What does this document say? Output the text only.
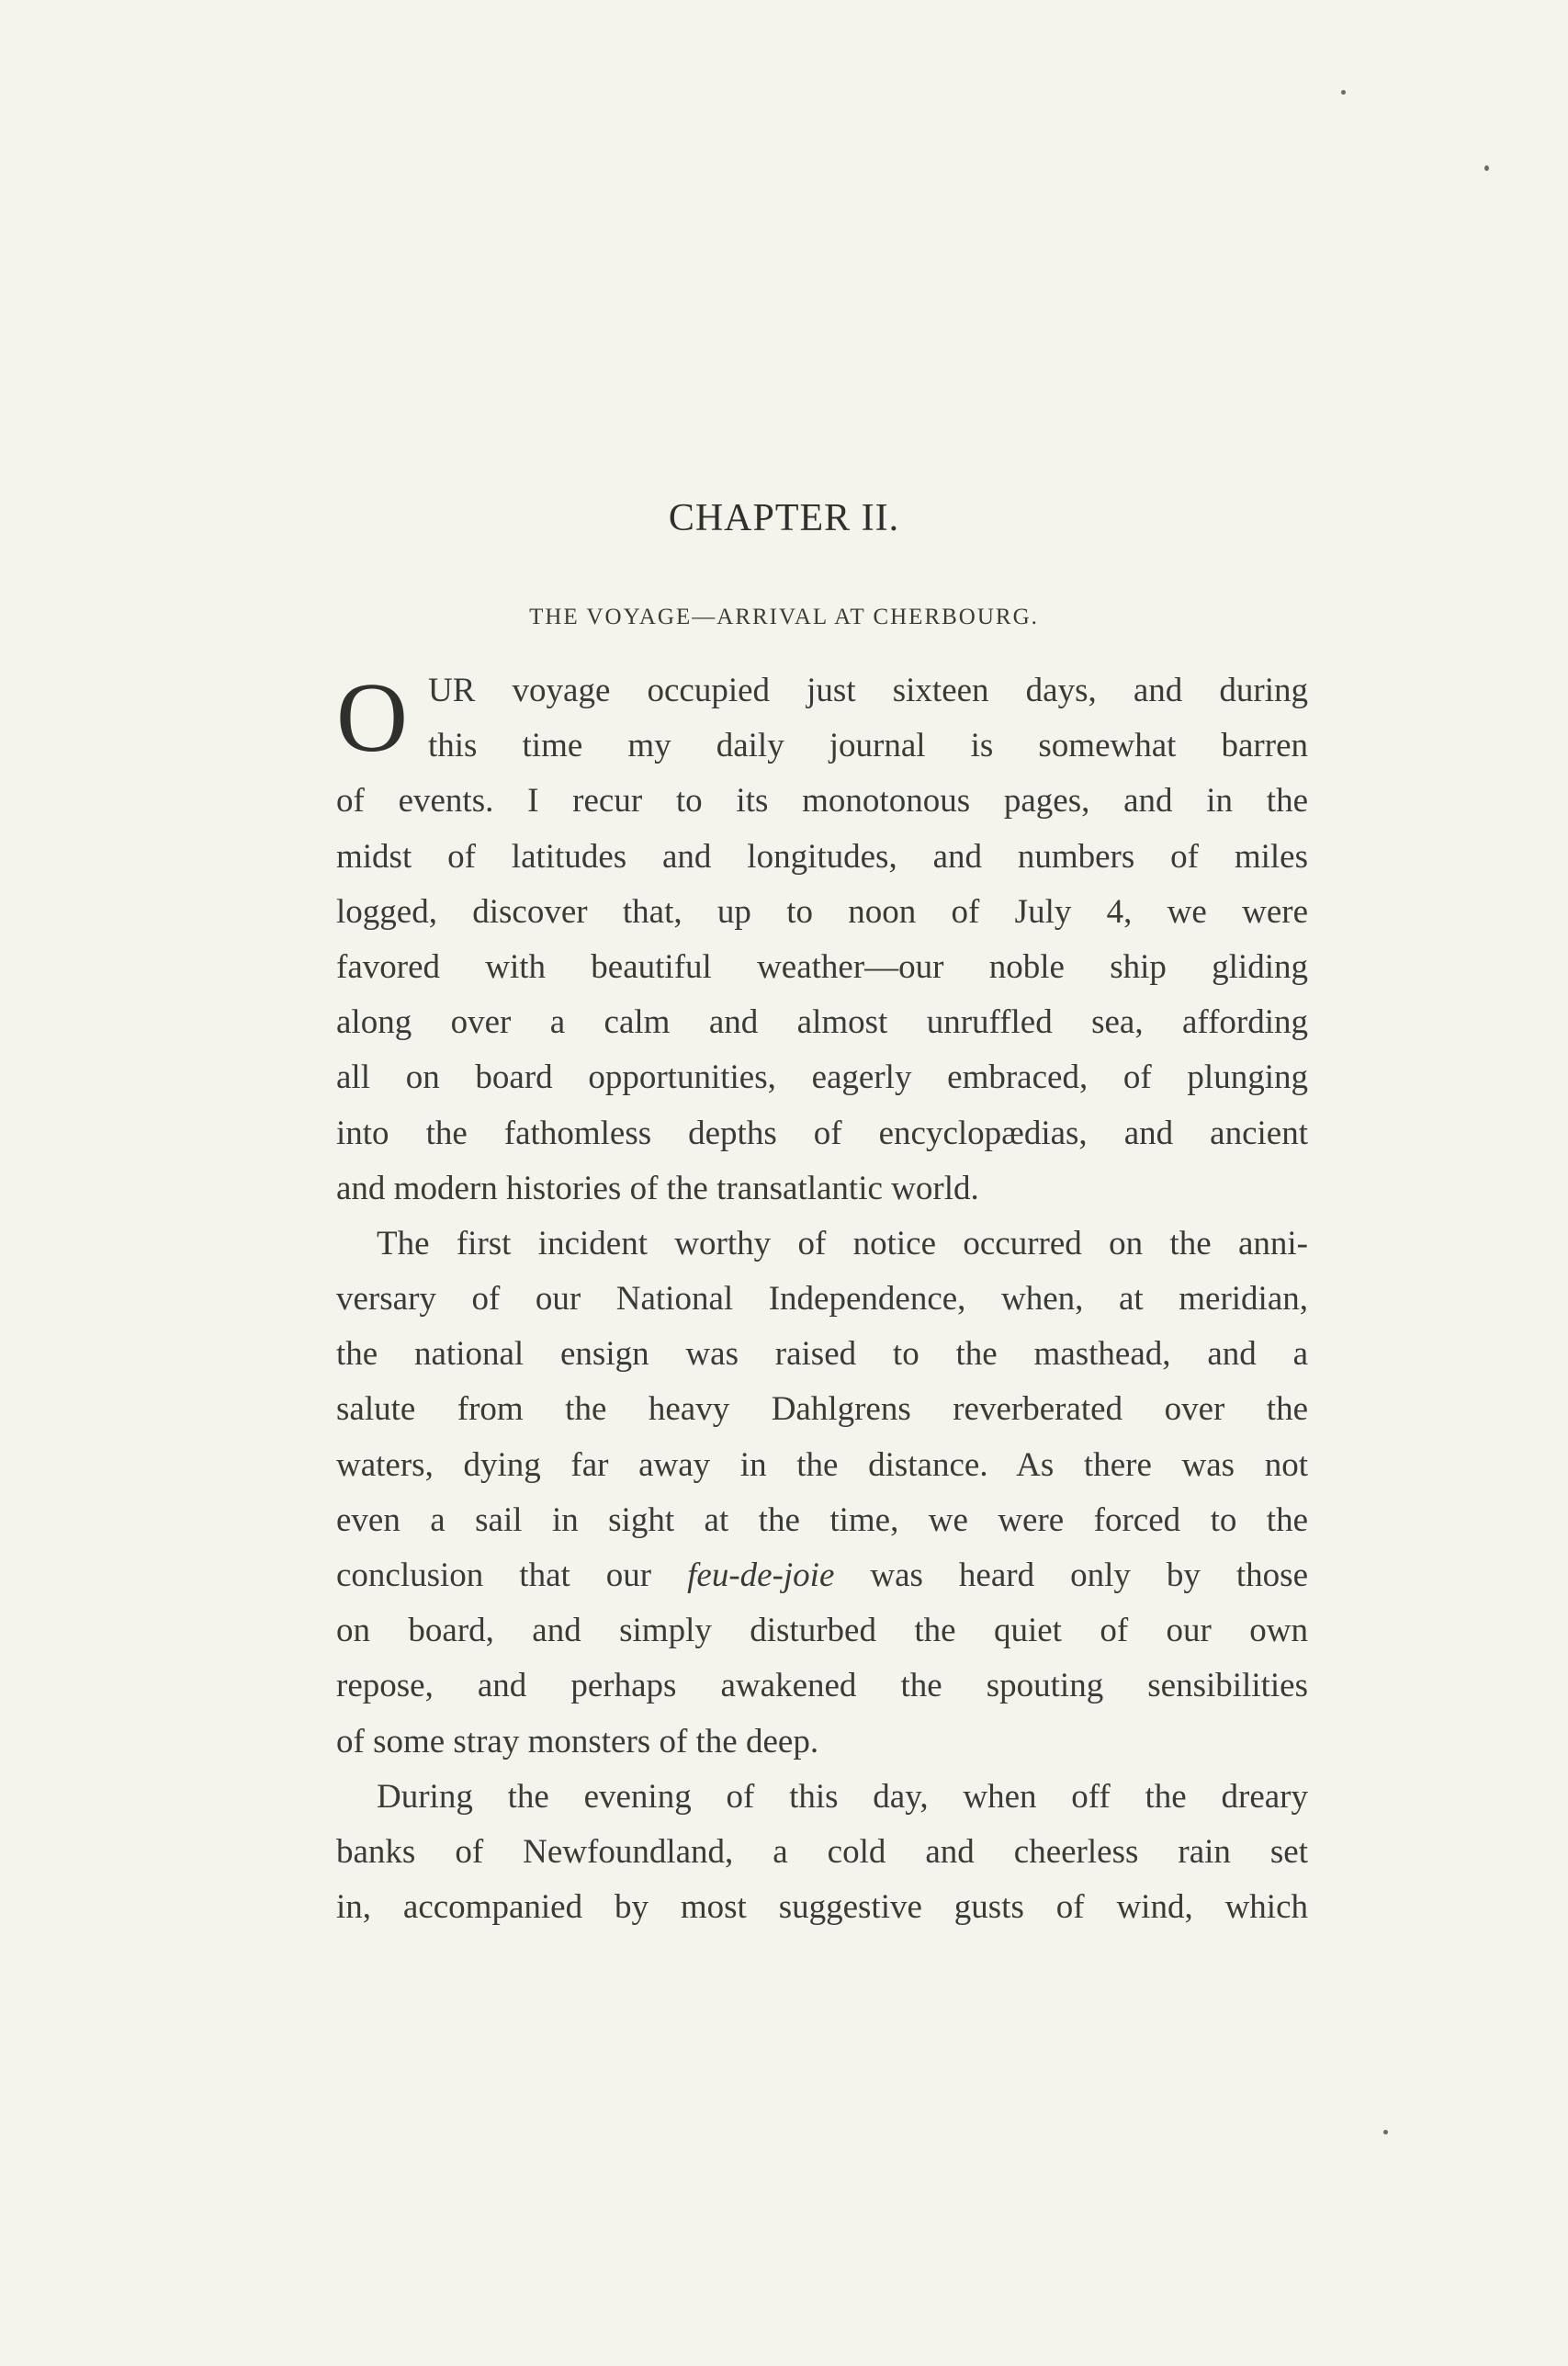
CHAPTER II.
THE VOYAGE—ARRIVAL AT CHERBOURG.
O UR voyage occupied just sixteen days, and during
this time my daily journal is somewhat barren
of events. I recur to its monotonous pages, and in the
midst of latitudes and longitudes, and numbers of miles
logged, discover that, up to noon of July 4, we were
favored with beautiful weather—our noble ship gliding
along over a calm and almost unruffled sea, affording
all on board opportunities, eagerly embraced, of plunging
into the fathomless depths of encyclopædias, and ancient
and modern histories of the transatlantic world.
The first incident worthy of notice occurred on the anni-
versary of our National Independence, when, at meridian,
the national ensign was raised to the masthead, and a
salute from the heavy Dahlgrens reverberated over the
waters, dying far away in the distance. As there was not
even a sail in sight at the time, we were forced to the
conclusion that our feu-de-joie was heard only by those
on board, and simply disturbed the quiet of our own
repose, and perhaps awakened the spouting sensibilities
of some stray monsters of the deep.
During the evening of this day, when off the dreary
banks of Newfoundland, a cold and cheerless rain set
in, accompanied by most suggestive gusts of wind, which
